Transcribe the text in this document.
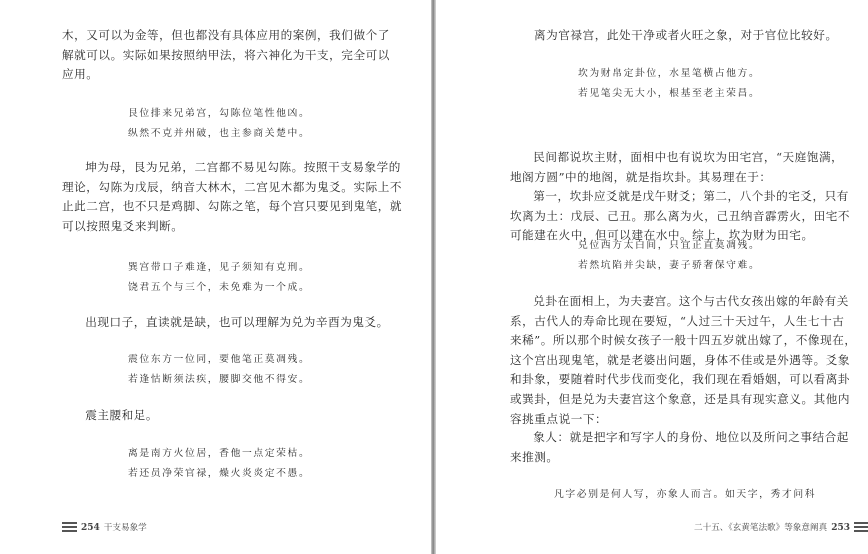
木，又可以为金等，但也都没有具体应用的案例，我们做个了
解就可以。实际如果按照纳甲法，将六神化为干支，完全可以
应用。

艮位排来兄弟宫，勾陈位笔性他凶。
纵然不克并州破，也主参商关楚中。

坤为母，艮为兄弟，二宫都不易见勾陈。按照干支易象学的
理论，勾陈为戊辰，纳音大林木，二宫见木都为鬼爻。实际上不
止此二宫，也不只是鸡脚、勾陈之笔，每个宫只要见到鬼笔，就
可以按照鬼爻来判断。

巽宫带口子难逢，见子须知有克刑。
饶君五个与三个，未免难为一个成。

出现口子，直读就是缺，也可以理解为兑为辛酉为鬼爻。

震位东方一位同，要他笔正莫凋残。
若逢怙断须法疾，腰脚交他不得安。

震主腰和足。

离是南方火位居，香他一点定荣枯。
若还员净荣官禄，燥火炎炎定不愚。

254 干支易象学

离为官禄宫，此处干净或者火旺之象，对于官位比较好。

坎为财帛定卦位，水星笔横占他方。
若见笔尖无大小，根基至老主荣昌。

民间都说坎主财，面相中也有说坎为田宅宫，“天庭饱满，
地阁方圆”中的地阁，就是指坎卦。其易理在于：
第一，坎卦应爻就是戊午财爻；第二，八个卦的宅爻，只有
坎离为土：戊辰、己丑。那么离为火，己丑纳音霹雳火，田宅不
可能建在火中，但可以建在水中。综上，坎为财为田宅。

兑位西方太白间，只宜正直莫凋残。
若然坑陷并尖缺，妻子骄奢保守难。

兑卦在面相上，为夫妻宫。这个与古代女孩出嫁的年龄有关
系，古代人的寿命比现在要短，“人过三十天过午，人生七十古
来稀”。所以那个时候女孩子一般十四五岁就出嫁了，不像现在，
这个宫出现鬼笔，就是老婆出问题，身体不佳或是外遇等。爻象
和卦象，要随着时代步伐而变化，我们现在看婚姻，可以看离卦
或巽卦，但是兑为夫妻宫这个象意，还是具有现实意义。其他内
容挑重点说一下：

象人：就是把字和写字人的身份、地位以及所问之事结合起
来推测。

凡字必别是何人写，亦象人而言。如天字，秀才问科

二十五、《玄黄笔法歌》等象意阐真 253
